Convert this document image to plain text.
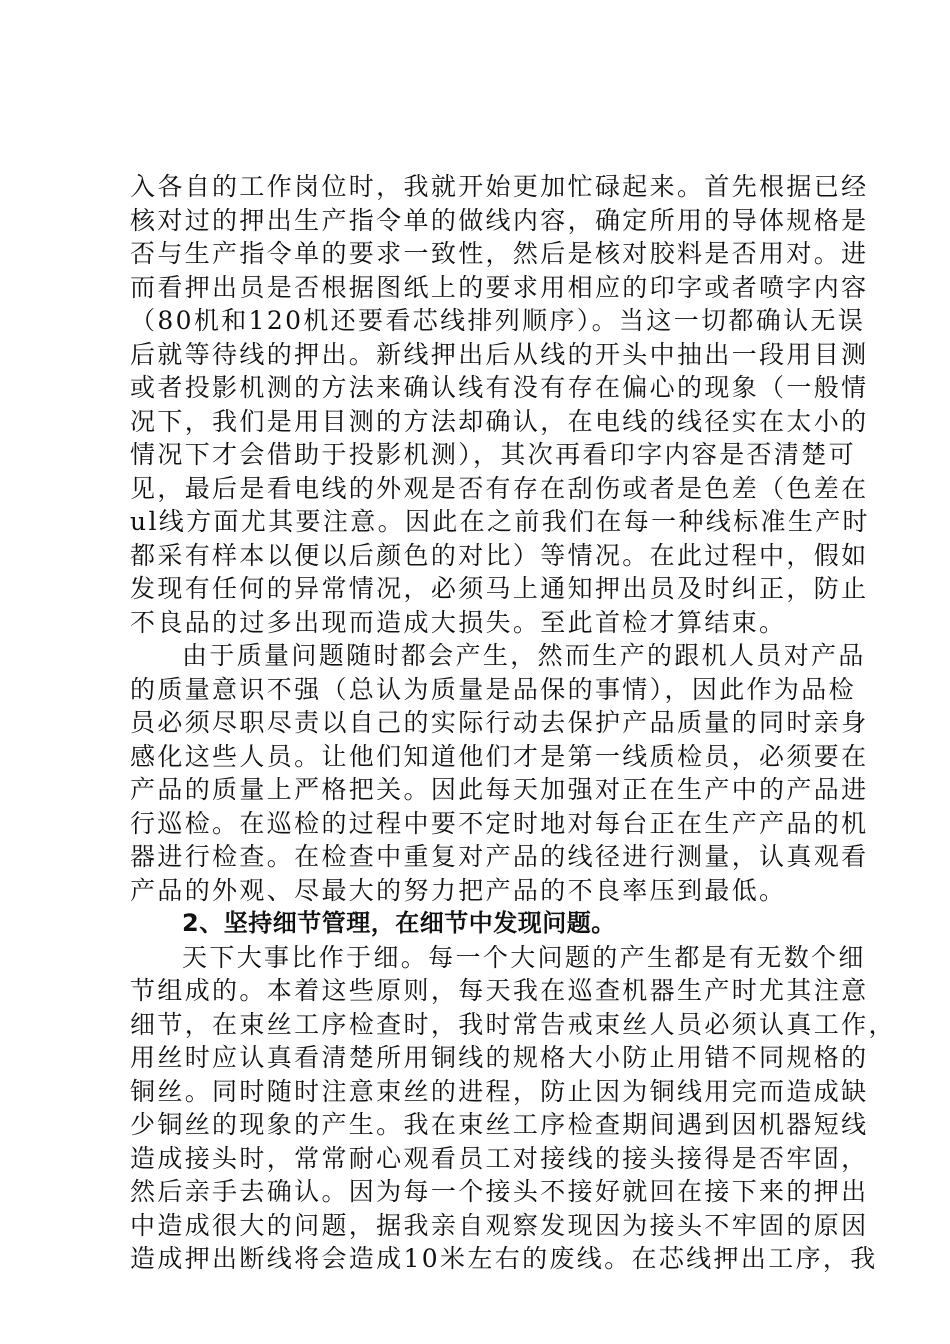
入各自的工作岗位时，我就开始更加忙碌起来。首先根据已经
核对过的押出生产指令单的做线内容，确定所用的导体规格是
否与生产指令单的要求一致性，然后是核对胶料是否用对。进
而看押出员是否根据图纸上的要求用相应的印字或者喷字内容
（80机和120机还要看芯线排列顺序）。当这一切都确认无误
后就等待线的押出。新线押出后从线的开头中抽出一段用目测
或者投影机测的方法来确认线有没有存在偏心的现象（一般情
况下，我们是用目测的方法却确认，在电线的线径实在太小的
情况下才会借助于投影机测），其次再看印字内容是否清楚可
见，最后是看电线的外观是否有存在刮伤或者是色差（色差在
ul线方面尤其要注意。因此在之前我们在每一种线标准生产时
都采有样本以便以后颜色的对比）等情况。在此过程中，假如
发现有任何的异常情况，必须马上通知押出员及时纠正，防止
不良品的过多出现而造成大损失。至此首检才算结束。
由于质量问题随时都会产生，然而生产的跟机人员对产品
的质量意识不强（总认为质量是品保的事情），因此作为品检
员必须尽职尽责以自己的实际行动去保护产品质量的同时亲身
感化这些人员。让他们知道他们才是第一线质检员，必须要在
产品的质量上严格把关。因此每天加强对正在生产中的产品进
行巡检。在巡检的过程中要不定时地对每台正在生产产品的机
器进行检查。在检查中重复对产品的线径进行测量，认真观看
产品的外观、尽最大的努力把产品的不良率压到最低。
2、坚持细节管理，在细节中发现问题。
天下大事比作于细。每一个大问题的产生都是有无数个细
节组成的。本着这些原则，每天我在巡查机器生产时尤其注意
细节，在束丝工序检查时，我时常告戒束丝人员必须认真工作，
用丝时应认真看清楚所用铜线的规格大小防止用错不同规格的
铜丝。同时随时注意束丝的进程，防止因为铜线用完而造成缺
少铜丝的现象的产生。我在束丝工序检查期间遇到因机器短线
造成接头时，常常耐心观看员工对接线的接头接得是否牢固，
然后亲手去确认。因为每一个接头不接好就回在接下来的押出
中造成很大的问题，据我亲自观察发现因为接头不牢固的原因
造成押出断线将会造成10米左右的废线。在芯线押出工序，我
